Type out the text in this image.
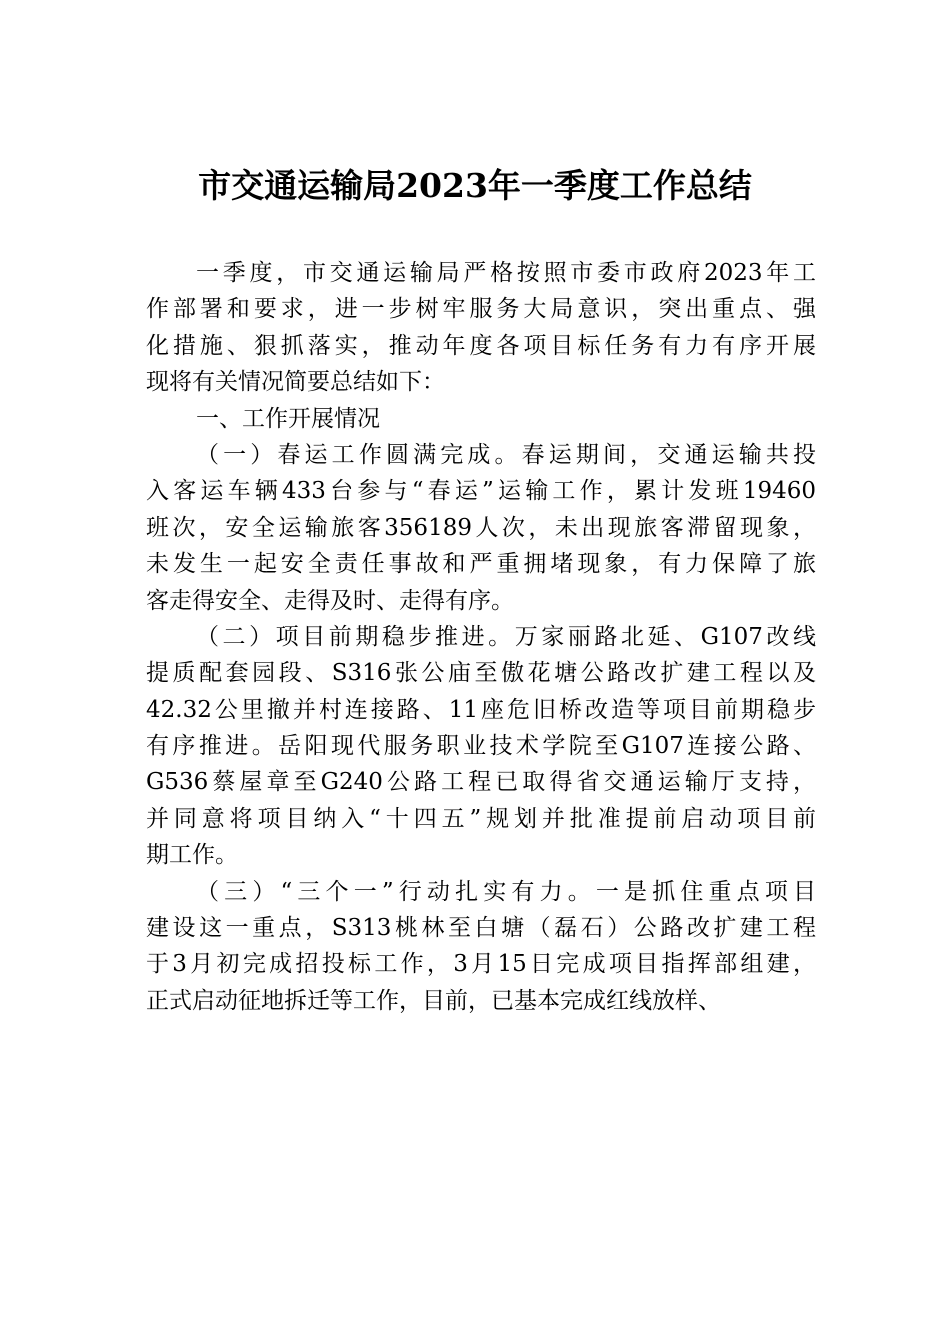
市交通运输局2023年一季度工作总结
一季度，市交通运输局严格按照市委市政府2023年工
作部署和要求，进一步树牢服务大局意识，突出重点、强
化措施、狠抓落实，推动年度各项目标任务有力有序开展
现将有关情况简要总结如下：
一、工作开展情况
（一）春运工作圆满完成。春运期间，交通运输共投
入客运车辆433台参与“春运”运输工作，累计发班19460
班次，安全运输旅客356189人次，未出现旅客滞留现象，
未发生一起安全责任事故和严重拥堵现象，有力保障了旅
客走得安全、走得及时、走得有序。
（二）项目前期稳步推进。万家丽路北延、G107改线
提质配套园段、S316张公庙至傲花塘公路改扩建工程以及
42.32公里撤并村连接路、11座危旧桥改造等项目前期稳步
有序推进。岳阳现代服务职业技术学院至G107连接公路、
G536蔡屋章至G240公路工程已取得省交通运输厅支持，
并同意将项目纳入“十四五”规划并批准提前启动项目前
期工作。
（三）“三个一”行动扎实有力。一是抓住重点项目
建设这一重点，S313桃林至白塘（磊石）公路改扩建工程
于3月初完成招投标工作，3月15日完成项目指挥部组建，
正式启动征地拆迁等工作，目前，已基本完成红线放样、
